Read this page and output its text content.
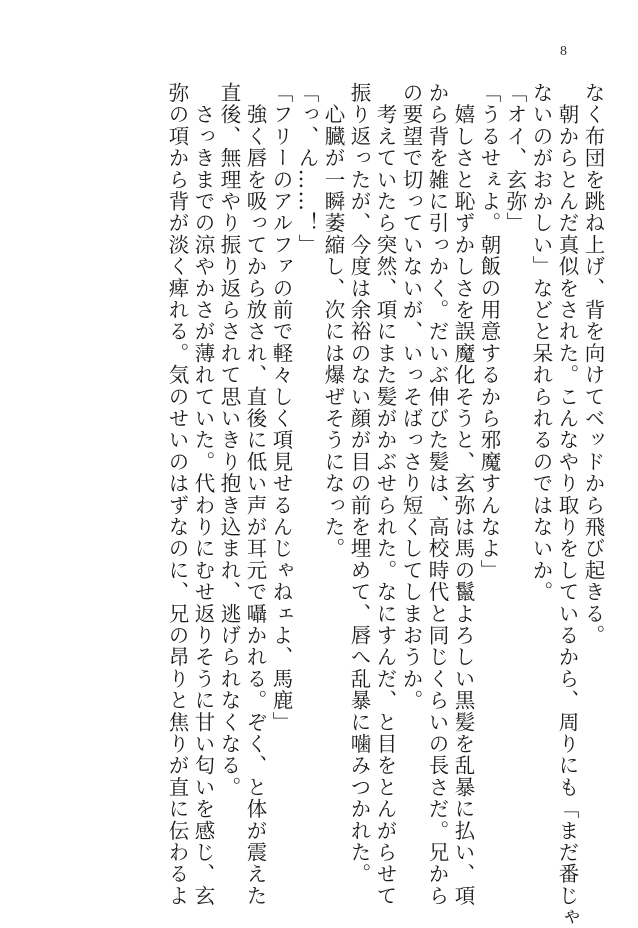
8
なく布団を跳ね上げ、背を向けてベッドから飛び起きる。
　朝からとんだ真似をされた。こんなやり取りをしているから、周りにも「まだ番じゃ
ないのがおかしい」などと呆れられるのではないか。
「オイ、玄弥」
「うるせぇよ。朝飯の用意するから邪魔すんなよ」
　嬉しさと恥ずかしさを誤魔化そうと、玄弥は馬の鬣よろしい黒髪を乱暴に払い、項
から背を雑に引っかく。だいぶ伸びた髪は、高校時代と同じくらいの長さだ。兄から
の要望で切っていないが、いっそばっさり短くしてしまおうか。
　考えていたら突然、項にまた髪がかぶせられた。なにすんだ、と目をとんがらせて
振り返ったが、今度は余裕のない顔が目の前を埋めて、唇へ乱暴に噛みつかれた。
　心臓が一瞬萎縮し、次には爆ぜそうになった。
「っ、ん……！」
「フリーのアルファの前で軽々しく項見せるんじゃねェよ、馬鹿」
　強く唇を吸ってから放され、直後に低い声が耳元で囁かれる。ぞく、と体が震えた
直後、無理やり振り返らされて思いきり抱き込まれ、逃げられなくなる。
　さっきまでの涼やかさが薄れていた。代わりにむせ返りそうに甘い匂いを感じ、玄
弥の項から背が淡く痺れる。気のせいのはずなのに、兄の昂りと焦りが直に伝わるよ
